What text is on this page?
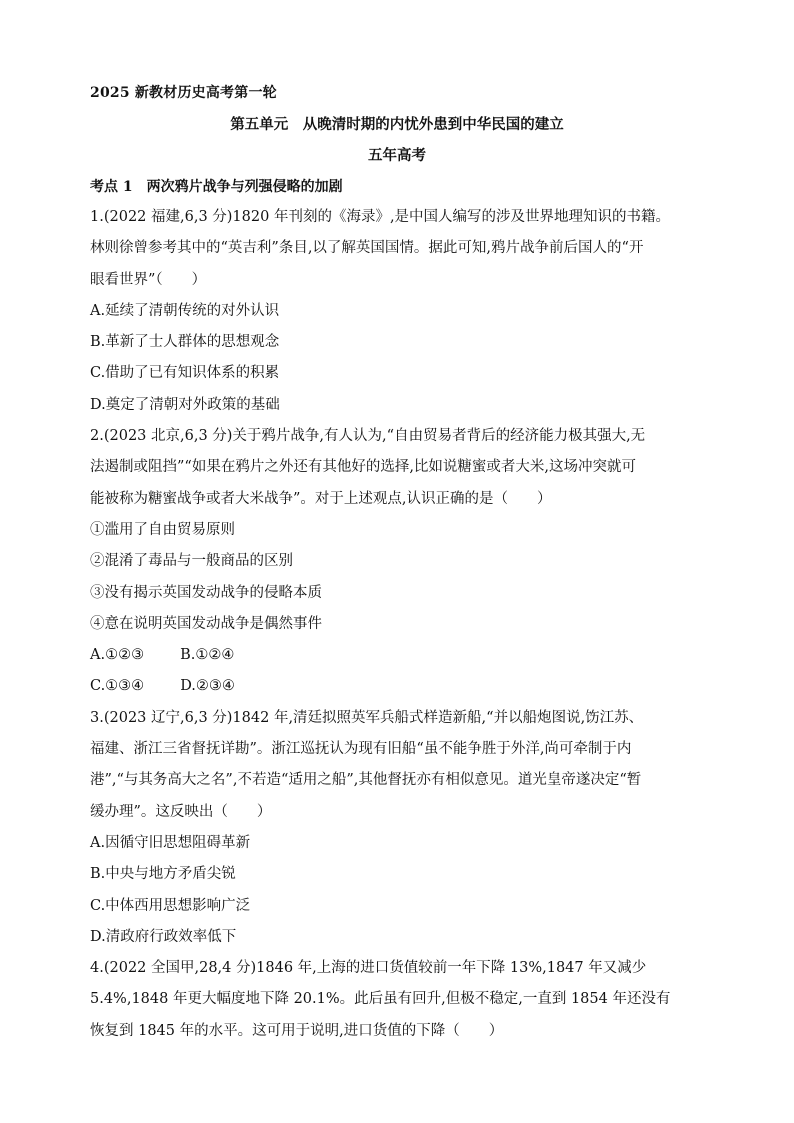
2025 新教材历史高考第一轮
第五单元　从晚清时期的内忧外患到中华民国的建立
五年高考
考点 1 两次鸦片战争与列强侵略的加剧
1.(2022 福建,6,3 分)1820 年刊刻的《海录》,是中国人编写的涉及世界地理知识的书籍。
林则徐曾参考其中的“英吉利”条目,以了解英国国情。据此可知,鸦片战争前后国人的“开
眼看世界”（　　）
A.延续了清朝传统的对外认识
B.革新了士人群体的思想观念
C.借助了已有知识体系的积累
D.奠定了清朝对外政策的基础
2.(2023 北京,6,3 分)关于鸦片战争,有人认为,“自由贸易者背后的经济能力极其强大,无
法遏制或阻挡”“如果在鸦片之外还有其他好的选择,比如说糖蜜或者大米,这场冲突就可
能被称为糖蜜战争或者大米战争”。对于上述观点,认识正确的是（　　）
①滥用了自由贸易原则
②混淆了毒品与一般商品的区别
③没有揭示英国发动战争的侵略本质
④意在说明英国发动战争是偶然事件
A.①②③ B.①②④
C.①③④ D.②③④
3.(2023 辽宁,6,3 分)1842 年,清廷拟照英军兵船式样造新船,“并以船炮图说,饬江苏、
福建、浙江三省督抚详勘”。浙江巡抚认为现有旧船“虽不能争胜于外洋,尚可牵制于内
港”,“与其务高大之名”,不若造“适用之船”,其他督抚亦有相似意见。道光皇帝遂决定“暂
缓办理”。这反映出（　　）
A.因循守旧思想阻碍革新
B.中央与地方矛盾尖锐
C.中体西用思想影响广泛
D.清政府行政效率低下
4.(2022 全国甲,28,4 分)1846 年,上海的进口货值较前一年下降 13%,1847 年又减少
5.4%,1848 年更大幅度地下降 20.1%。此后虽有回升,但极不稳定,一直到 1854 年还没有
恢复到 1845 年的水平。这可用于说明,进口货值的下降（　　）
